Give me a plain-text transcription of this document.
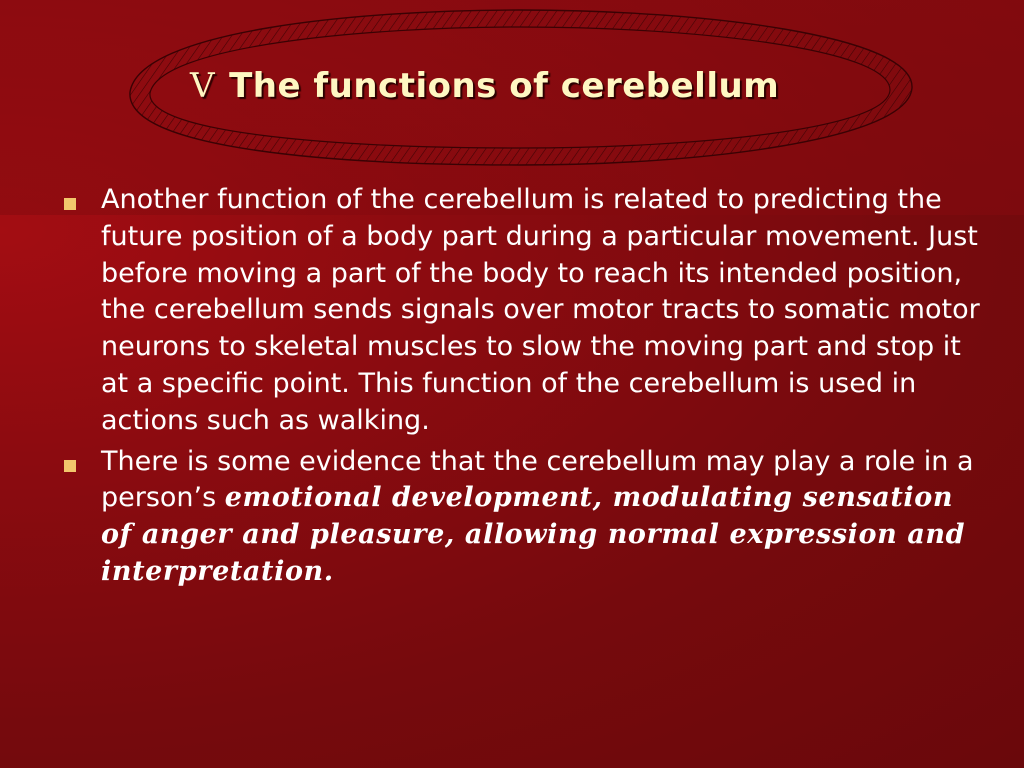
Ⅴ The functions of cerebellum
Another function of the cerebellum is related to predicting the future position of a body part during a particular movement. Just before moving a part of the body to reach its intended position, the cerebellum sends signals over motor tracts to somatic motor neurons to skeletal muscles to slow the moving part and stop it at a specific point. This function of the cerebellum is used in actions such as walking.
There is some evidence that the cerebellum may play a role in a person’s emotional development, modulating sensation of anger and pleasure, allowing normal expression and interpretation.
